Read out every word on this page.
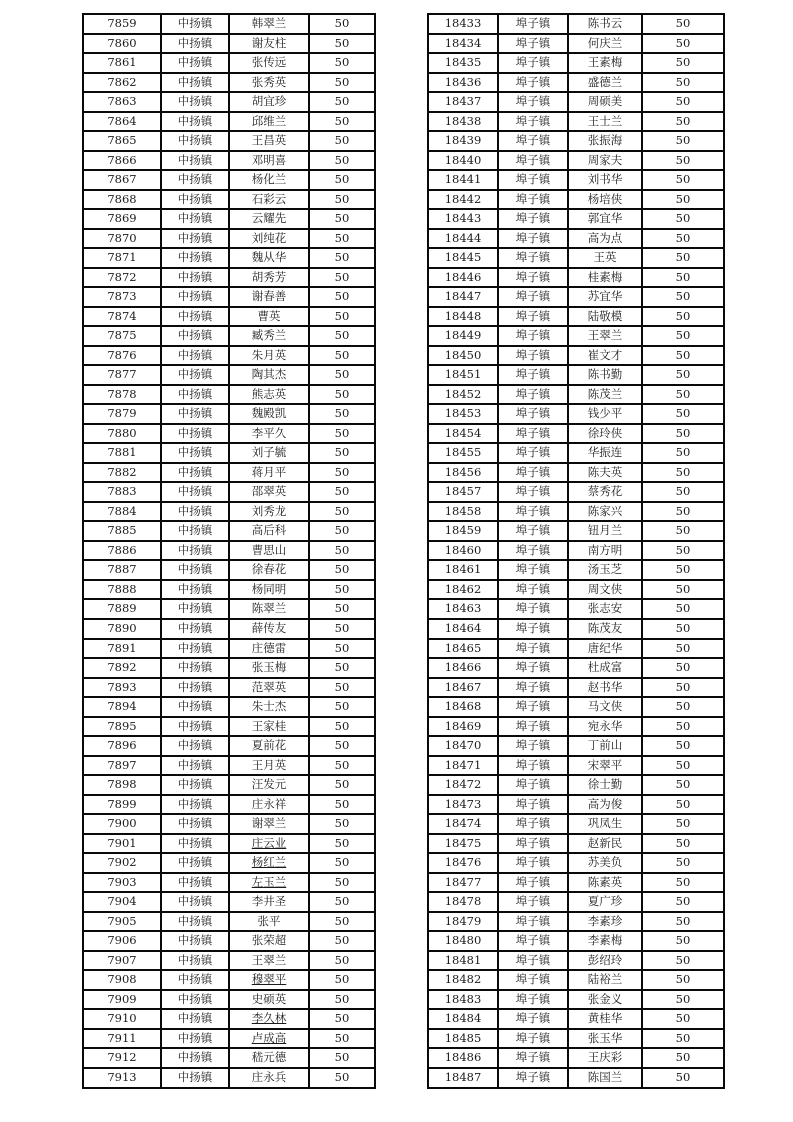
7859	中扬镇	韩翠兰	50
7860	中扬镇	谢友柱	50
7861	中扬镇	张传远	50
7862	中扬镇	张秀英	50
7863	中扬镇	胡宜珍	50
7864	中扬镇	邱维兰	50
7865	中扬镇	王昌英	50
7866	中扬镇	邓明喜	50
7867	中扬镇	杨化兰	50
7868	中扬镇	石彩云	50
7869	中扬镇	云耀先	50
7870	中扬镇	刘纯花	50
7871	中扬镇	魏从华	50
7872	中扬镇	胡秀芳	50
7873	中扬镇	谢春善	50
7874	中扬镇	曹英	50
7875	中扬镇	臧秀兰	50
7876	中扬镇	朱月英	50
7877	中扬镇	陶其杰	50
7878	中扬镇	熊志英	50
7879	中扬镇	魏殿凯	50
7880	中扬镇	李平久	50
7881	中扬镇	刘子毓	50
7882	中扬镇	蒋月平	50
7883	中扬镇	邵翠英	50
7884	中扬镇	刘秀龙	50
7885	中扬镇	高后科	50
7886	中扬镇	曹思山	50
7887	中扬镇	徐春花	50
7888	中扬镇	杨同明	50
7889	中扬镇	陈翠兰	50
7890	中扬镇	薛传友	50
7891	中扬镇	庄德雷	50
7892	中扬镇	张玉梅	50
7893	中扬镇	范翠英	50
7894	中扬镇	朱士杰	50
7895	中扬镇	王家桂	50
7896	中扬镇	夏前花	50
7897	中扬镇	王月英	50
7898	中扬镇	汪发元	50
7899	中扬镇	庄永祥	50
7900	中扬镇	谢翠兰	50
7901	中扬镇	庄云业	50
7902	中扬镇	杨红兰	50
7903	中扬镇	左玉兰	50
7904	中扬镇	李井圣	50
7905	中扬镇	张平	50
7906	中扬镇	张荣超	50
7907	中扬镇	王翠兰	50
7908	中扬镇	穆翠平	50
7909	中扬镇	史硕英	50
7910	中扬镇	李久林	50
7911	中扬镇	卢成高	50
7912	中扬镇	嵇元德	50
7913	中扬镇	庄永兵	50
18433	埠子镇	陈书云	50
18434	埠子镇	何庆兰	50
18435	埠子镇	王素梅	50
18436	埠子镇	盛德兰	50
18437	埠子镇	周硕美	50
18438	埠子镇	王士兰	50
18439	埠子镇	张振海	50
18440	埠子镇	周家夫	50
18441	埠子镇	刘书华	50
18442	埠子镇	杨培侠	50
18443	埠子镇	郭宜华	50
18444	埠子镇	高为点	50
18445	埠子镇	王英	50
18446	埠子镇	桂素梅	50
18447	埠子镇	苏宜华	50
18448	埠子镇	陆敬模	50
18449	埠子镇	王翠兰	50
18450	埠子镇	崔文才	50
18451	埠子镇	陈书勤	50
18452	埠子镇	陈茂兰	50
18453	埠子镇	钱少平	50
18454	埠子镇	徐玲侠	50
18455	埠子镇	华振连	50
18456	埠子镇	陈夫英	50
18457	埠子镇	蔡秀花	50
18458	埠子镇	陈家兴	50
18459	埠子镇	钮月兰	50
18460	埠子镇	南方明	50
18461	埠子镇	汤玉芝	50
18462	埠子镇	周文侠	50
18463	埠子镇	张志安	50
18464	埠子镇	陈茂友	50
18465	埠子镇	唐纪华	50
18466	埠子镇	杜成富	50
18467	埠子镇	赵书华	50
18468	埠子镇	马文侠	50
18469	埠子镇	宛永华	50
18470	埠子镇	丁前山	50
18471	埠子镇	宋翠平	50
18472	埠子镇	徐士勤	50
18473	埠子镇	高为俊	50
18474	埠子镇	巩凤生	50
18475	埠子镇	赵新民	50
18476	埠子镇	苏美负	50
18477	埠子镇	陈素英	50
18478	埠子镇	夏广珍	50
18479	埠子镇	李素珍	50
18480	埠子镇	李素梅	50
18481	埠子镇	彭绍玲	50
18482	埠子镇	陆裕兰	50
18483	埠子镇	张金义	50
18484	埠子镇	黄桂华	50
18485	埠子镇	张玉华	50
18486	埠子镇	王庆彩	50
18487	埠子镇	陈国兰	50
